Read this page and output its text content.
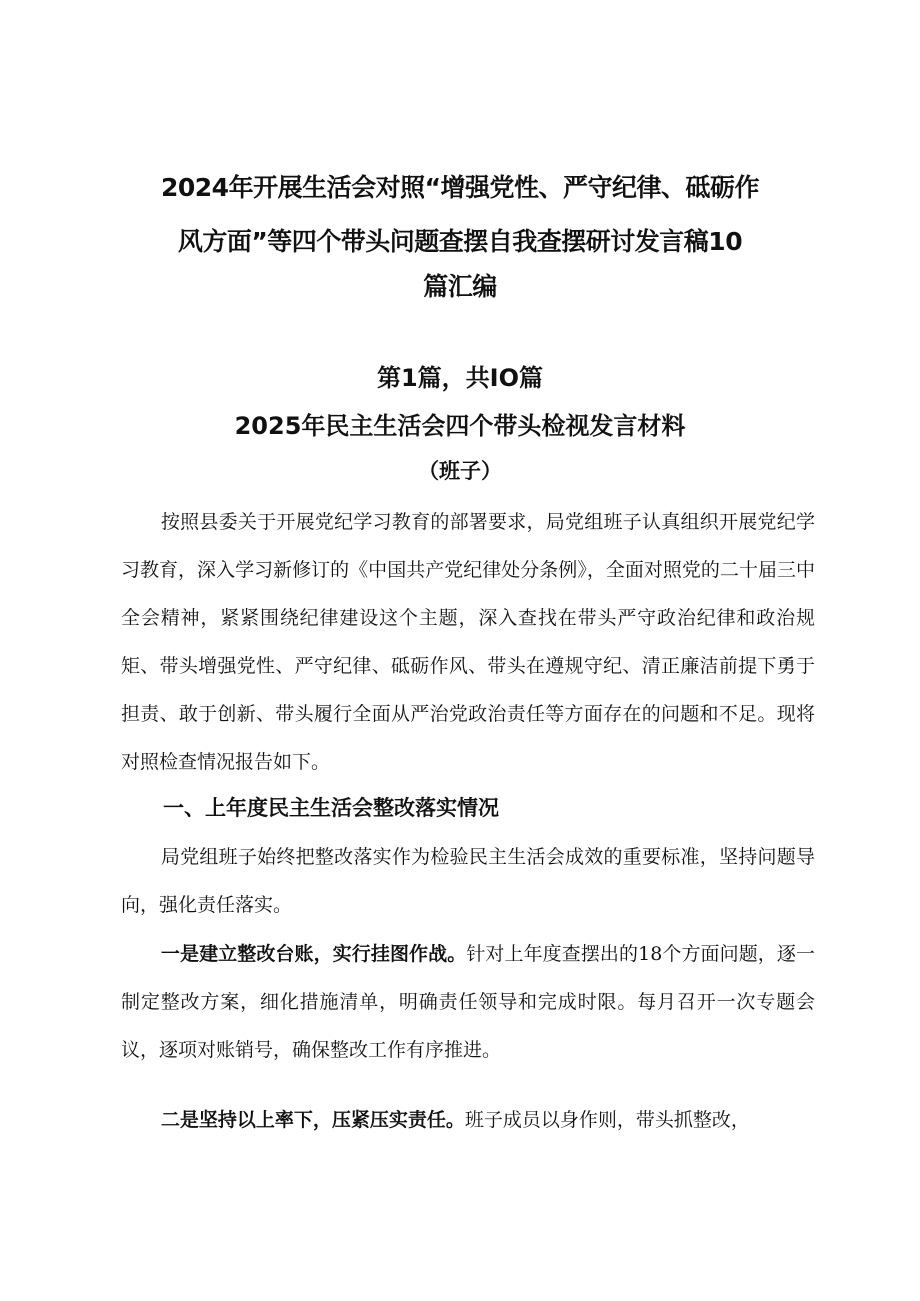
2024年开展生活会对照“增强党性、严守纪律、砥砺作
风方面”等四个带头问题查摆自我查摆研讨发言稿10
篇汇编
第1篇，共IO篇
2025年民主生活会四个带头检视发言材料
（班子）

按照县委关于开展党纪学习教育的部署要求，局党组班子认真组织开展党纪学习教育，深入学习新修订的《中国共产党纪律处分条例》，全面对照党的二十届三中全会精神，紧紧围绕纪律建设这个主题，深入查找在带头严守政治纪律和政治规矩、带头增强党性、严守纪律、砥砺作风、带头在遵规守纪、清正廉洁前提下勇于担责、敢于创新、带头履行全面从严治党政治责任等方面存在的问题和不足。现将对照检查情况报告如下。

一、上年度民主生活会整改落实情况

局党组班子始终把整改落实作为检验民主生活会成效的重要标准，坚持问题导向，强化责任落实。

一是建立整改台账，实行挂图作战。针对上年度查摆出的18个方面问题，逐一制定整改方案，细化措施清单，明确责任领导和完成时限。每月召开一次专题会议，逐项对账销号，确保整改工作有序推进。

二是坚持以上率下，压紧压实责任。班子成员以身作则，带头抓整改，
